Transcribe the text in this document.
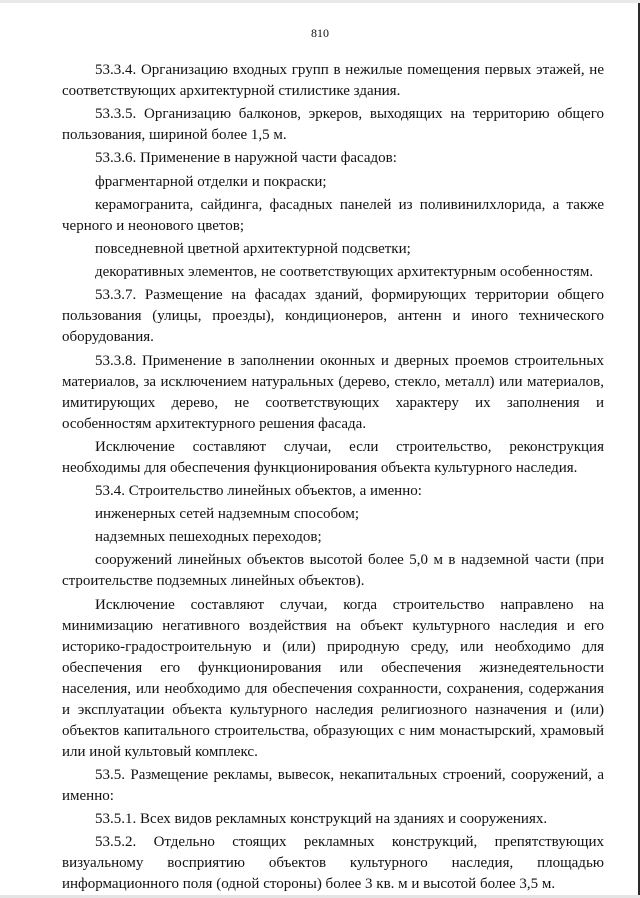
810

53.3.4. Организацию входных групп в нежилые помещения первых этажей, не соответствующих архитектурной стилистике здания.

53.3.5. Организацию балконов, эркеров, выходящих на территорию общего пользования, шириной более 1,5 м.

53.3.6. Применение в наружной части фасадов:

фрагментарной отделки и покраски;

керамогранита, сайдинга, фасадных панелей из поливинилхлорида, а также черного и неонового цветов;

повседневной цветной архитектурной подсветки;

декоративных элементов, не соответствующих архитектурным особенностям.

53.3.7. Размещение на фасадах зданий, формирующих территории общего пользования (улицы, проезды), кондиционеров, антенн и иного технического оборудования.

53.3.8. Применение в заполнении оконных и дверных проемов строительных материалов, за исключением натуральных (дерево, стекло, металл) или материалов, имитирующих дерево, не соответствующих характеру их заполнения и особенностям архитектурного решения фасада.

Исключение составляют случаи, если строительство, реконструкция необходимы для обеспечения функционирования объекта культурного наследия.

53.4. Строительство линейных объектов, а именно:

инженерных сетей надземным способом;

надземных пешеходных переходов;

сооружений линейных объектов высотой более 5,0 м в надземной части (при строительстве подземных линейных объектов).

Исключение составляют случаи, когда строительство направлено на минимизацию негативного воздействия на объект культурного наследия и его историко-градостроительную и (или) природную среду, или необходимо для обеспечения его функционирования или обеспечения жизнедеятельности населения, или необходимо для обеспечения сохранности, сохранения, содержания и эксплуатации объекта культурного наследия религиозного назначения и (или) объектов капитального строительства, образующих с ним монастырский, храмовый или иной культовый комплекс.

53.5. Размещение рекламы, вывесок, некапитальных строений, сооружений, а именно:

53.5.1. Всех видов рекламных конструкций на зданиях и сооружениях.

53.5.2. Отдельно стоящих рекламных конструкций, препятствующих визуальному восприятию объектов культурного наследия, площадью информационного поля (одной стороны) более 3 кв. м и высотой более 3,5 м.
